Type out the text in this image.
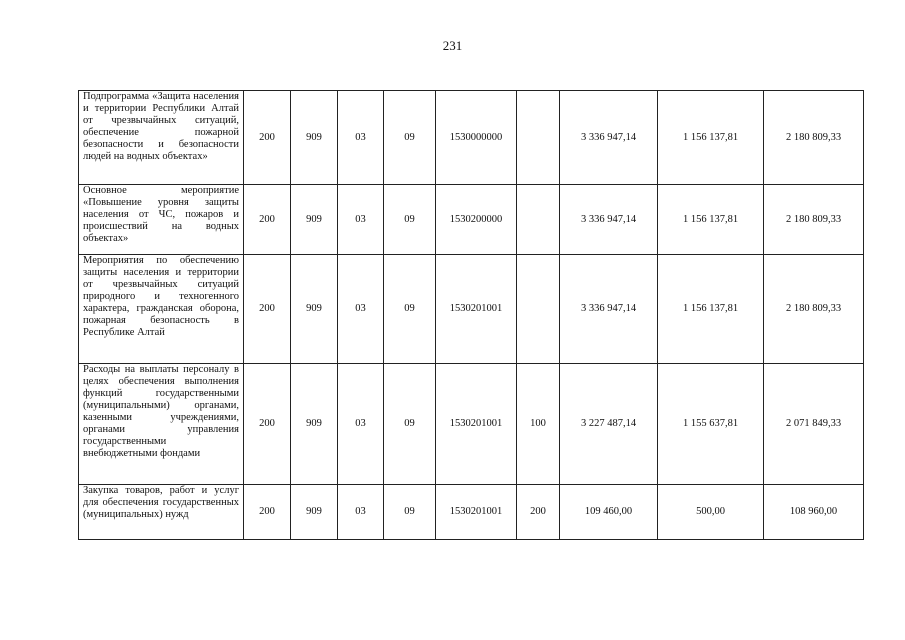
231
Подпрограмма «Защита населения и территории Республики Алтай от чрезвычайных ситуаций, обеспечение пожарной безопасности и безопасности людей на водных объектах»	200	909	03	09	1530000000		3 336 947,14	1 156 137,81	2 180 809,33
Основное мероприятие «Повышение уровня защиты населения от ЧС, пожаров и происшествий на водных объектах»	200	909	03	09	1530200000		3 336 947,14	1 156 137,81	2 180 809,33
Мероприятия по обеспечению защиты населения и территории от чрезвычайных ситуаций природного и техногенного характера, гражданская оборона, пожарная безопасность в Республике Алтай	200	909	03	09	1530201001		3 336 947,14	1 156 137,81	2 180 809,33
Расходы на выплаты персоналу в целях обеспечения выполнения функций государственными (муниципальными) органами, казенными учреждениями, органами управления государственными внебюджетными фондами	200	909	03	09	1530201001	100	3 227 487,14	1 155 637,81	2 071 849,33
Закупка товаров, работ и услуг для обеспечения государственных (муниципальных) нужд	200	909	03	09	1530201001	200	109 460,00	500,00	108 960,00
